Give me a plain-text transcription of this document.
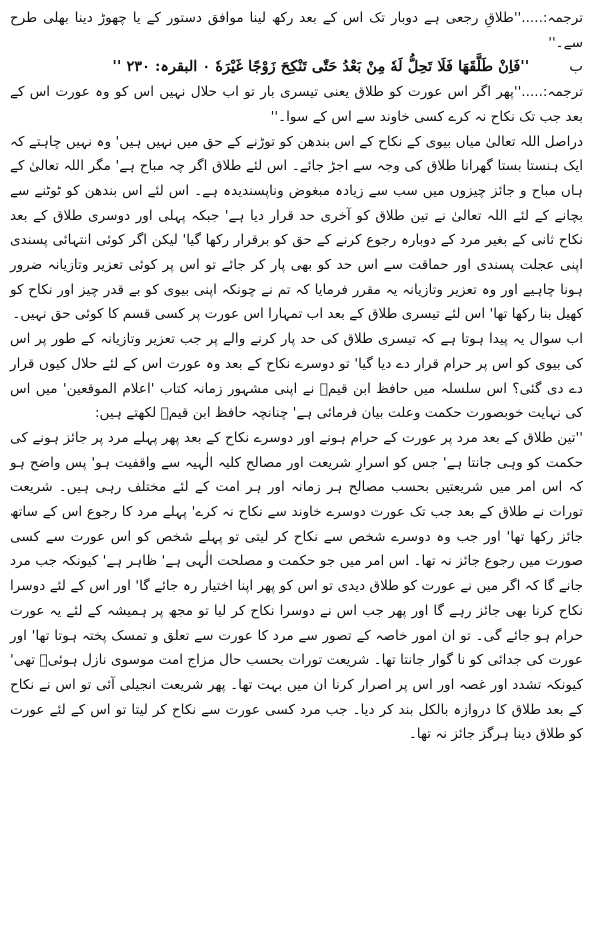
ترجمہ:.....''طلاقِ رجعی ہے دوبار تک اس کے بعد رکھ لینا موافق دستور کے یا چھوڑ دینا بھلی طرح سے۔''

ب''فَاِنْ طَلَّقَهَا فَلَا تَحِلُّ لَهٗ مِنْ بَعْدُ حَتّٰى تَنْكِحَ زَوْجًا غَيْرَهٗ ۰ البقرہ: ۲۳۰ ''

ترجمہ:.....''پھر اگر اس عورت کو طلاق یعنی تیسری بار تو اب حلال نہیں اس کو وہ عورت اس کے بعد جب تک نکاح نہ کرے کسی خاوند سے اس کے سوا۔''

دراصل اللہ تعالیٰ میاں بیوی کے نکاح کے اس بندھن کو توڑنے کے حق میں نہیں ہیں' وہ نہیں چاہتے کہ ایک ہنستا بستا گھرانا طلاق کی وجہ سے اجڑ جائے۔ اس لئے طلاق اگر چہ مباح ہے' مگر اللہ تعالیٰ کے ہاں مباح و جائز چیزوں میں سب سے زیادہ مبغوض وناپسندیدہ ہے۔ اس لئے اس بندھن کو ٹوٹنے سے بچانے کے لئے اللہ تعالیٰ نے تین طلاق کو آخری حد قرار دیا ہے' جبکہ پہلی اور دوسری طلاق کے بعد نکاح ثانی کے بغیر مرد کے دوبارہ رجوع کرنے کے حق کو برقرار رکھا گیا' لیکن اگر کوئی انتہائی پسندی اپنی عجلت پسندی اور حماقت سے اس حد کو بھی پار کر جائے تو اس پر کوئی تعزیر وتازیانہ ضرور ہونا چاہیے اور وہ تعزیر وتازیانہ یہ مقرر فرمایا کہ تم نے چونکہ اپنی بیوی کو بے قدر چیز اور نکاح کو کھیل بنا رکھا تھا' اس لئے تیسری طلاق کے بعد اب تمہارا اس عورت پر کسی قسم کا کوئی حق نہیں۔

اب سوال یہ پیدا ہوتا ہے کہ تیسری طلاق کی حد پار کرنے والے پر جب تعزیر وتازیانہ کے طور پر اس کی بیوی کو اس پر حرام قرار دے دیا گیا' تو دوسرے نکاح کے بعد وہ عورت اس کے لئے حلال کیوں قرار دے دی گئی؟ اس سلسلہ میں حافظ ابن قیمؒ نے اپنی مشہور زمانہ کتاب 'اعلام الموقعین' میں اس کی نہایت خوبصورت حکمت وعلت بیان فرمائی ہے' چنانچہ حافظ ابن قیمؒ لکھتے ہیں:

''تین طلاق کے بعد مرد پر عورت کے حرام ہونے اور دوسرے نکاح کے بعد پھر پہلے مرد پر جائز ہونے کی حکمت کو وہی جانتا ہے' جس کو اسرارِ شریعت اور مصالح کلیہ الٰہیہ سے واقفیت ہو' پس واضح ہو کہ اس امر میں شریعتیں بحسب مصالح ہر زمانہ اور ہر امت کے لئے مختلف رہی ہیں۔ شریعت تورات نے طلاق کے بعد جب تک عورت دوسرے خاوند سے نکاح نہ کرے' پہلے مرد کا رجوع اس کے ساتھ جائز رکھا تھا' اور جب وہ دوسرے شخص سے نکاح کر لیتی تو پہلے شخص کو اس عورت سے کسی صورت میں رجوع جائز نہ تھا۔ اس امر میں جو حکمت و مصلحت الٰہی ہے' ظاہر ہے' کیونکہ جب مرد جانے گا کہ اگر میں نے عورت کو طلاق دیدی تو اس کو پھر اپنا اختیار رہ جائے گا' اور اس کے لئے دوسرا نکاح کرنا بھی جائز رہے گا اور پھر جب اس نے دوسرا نکاح کر لیا تو مجھ پر ہمیشہ کے لئے یہ عورت حرام ہو جائے گی۔ تو ان امور خاصہ کے تصور سے مرد کا عورت سے تعلق و تمسک پختہ ہوتا تھا' اور عورت کی جدائی کو نا گوار جانتا تھا۔ شریعت تورات بحسب حال مزاج امت موسوی نازل ہوئیؑ تھی' کیونکہ تشدد اور غصہ اور اس پر اصرار کرنا ان میں بہت تھا۔ پھر شریعت انجیلی آئی تو اس نے نکاح کے بعد طلاق کا دروازہ بالکل بند کر دیا۔ جب مرد کسی عورت سے نکاح کر لیتا تو اس کے لئے عورت کو طلاق دینا ہرگز جائز نہ تھا۔
